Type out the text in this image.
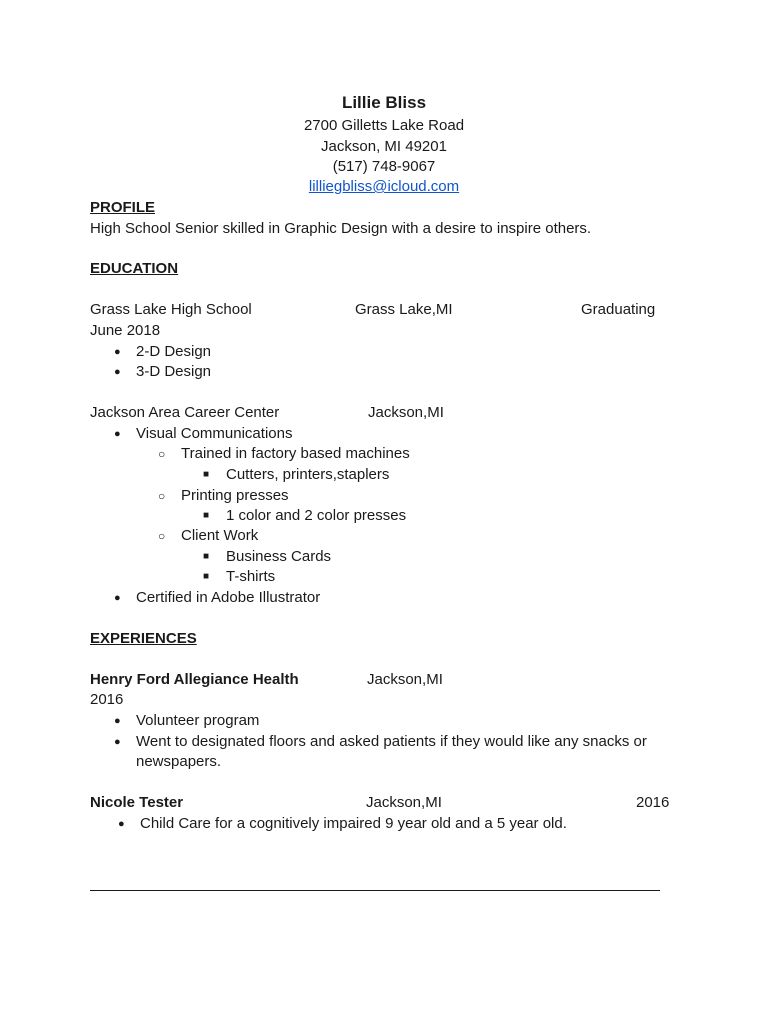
Lillie Bliss
2700 Gilletts Lake Road
Jackson, MI 49201
(517) 748-9067
lilliegbliss@icloud.com
PROFILE
High School Senior skilled in Graphic Design with a desire to inspire others.
EDUCATION
Grass Lake High School	Grass Lake,MI	Graduating
June 2018
● 2-D Design
● 3-D Design
Jackson Area Career Center	Jackson,MI
● Visual Communications
○ Trained in factory based machines
■ Cutters, printers,staplers
○ Printing presses
■ 1 color and 2 color presses
○ Client Work
■ Business Cards
■ T-shirts
● Certified in Adobe Illustrator
EXPERIENCES
Henry Ford Allegiance Health	Jackson,MI
2016
● Volunteer program
● Went to designated floors and asked patients if they would like any snacks or
newspapers.
Nicole Tester	Jackson,MI	2016
● Child Care for a cognitively impaired 9 year old and a 5 year old.
